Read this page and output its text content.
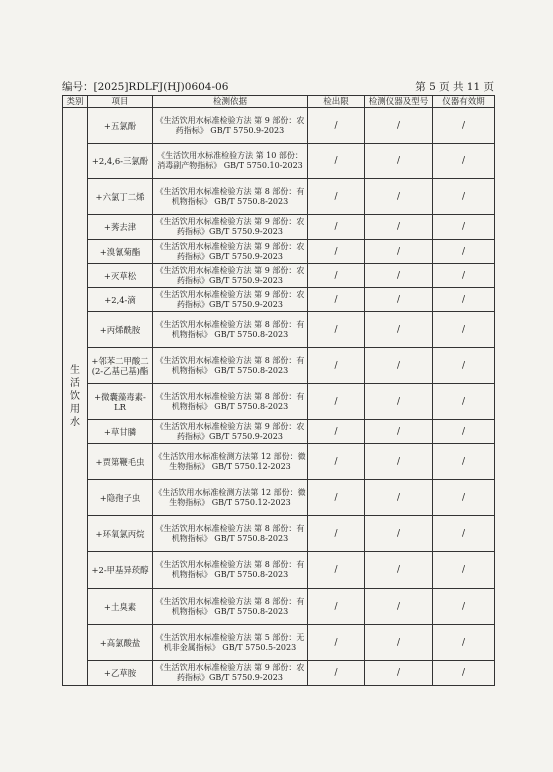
编号：[2025]RDLFJ(HJ)0604-06	第 5 页 共 11 页
类别	项目	检测依据	检出限	检测仪器及型号	仪器有效期
生活饮用水	+五氯酚	《生活饮用水标准检验方法 第 9 部份：农药指标》 GB/T 5750.9-2023	/	/	/
	+2,4,6-三氯酚	《生活饮用水标准检验方法 第 10 部份：消毒副产物指标》 GB/T 5750.10-2023	/	/	/
	+六氯丁二烯	《生活饮用水标准检验方法 第 8 部份：有机物指标》 GB/T 5750.8-2023	/	/	/
	+莠去津	《生活饮用水标准检验方法 第 9 部份：农药指标》GB/T 5750.9-2023	/	/	/
	+溴氰菊酯	《生活饮用水标准检验方法 第 9 部份：农药指标》GB/T 5750.9-2023	/	/	/
	+灭草松	《生活饮用水标准检验方法 第 9 部份：农药指标》GB/T 5750.9-2023	/	/	/
	+2,4-滴	《生活饮用水标准检验方法 第 9 部份：农药指标》GB/T 5750.9-2023	/	/	/
	+丙烯酰胺	《生活饮用水标准检验方法 第 8 部份：有机物指标》 GB/T 5750.8-2023	/	/	/
	+邻苯二甲酸二(2-乙基己基)酯	《生活饮用水标准检验方法 第 8 部份：有机物指标》 GB/T 5750.8-2023	/	/	/
	+微囊藻毒素-LR	《生活饮用水标准检验方法 第 8 部份：有机物指标》 GB/T 5750.8-2023	/	/	/
	+草甘膦	《生活饮用水标准检验方法 第 9 部份：农药指标》GB/T 5750.9-2023	/	/	/
	+贾第鞭毛虫	《生活饮用水标准检测方法第 12 部份：微生物指标》 GB/T 5750.12-2023	/	/	/
	+隐孢子虫	《生活饮用水标准检测方法第 12 部份：微生物指标》 GB/T 5750.12-2023	/	/	/
	+环氧氯丙烷	《生活饮用水标准检验方法 第 8 部份：有机物指标》 GB/T 5750.8-2023	/	/	/
	+2-甲基异莰醇	《生活饮用水标准检验方法 第 8 部份：有机物指标》 GB/T 5750.8-2023	/	/	/
	+土臭素	《生活饮用水标准检验方法 第 8 部份：有机物指标》 GB/T 5750.8-2023	/	/	/
	+高氯酸盐	《生活饮用水标准检验方法 第 5 部份：无机非金属指标》 GB/T 5750.5-2023	/	/	/
	+乙草胺	《生活饮用水标准检验方法 第 9 部份：农药指标》GB/T 5750.9-2023	/	/	/
